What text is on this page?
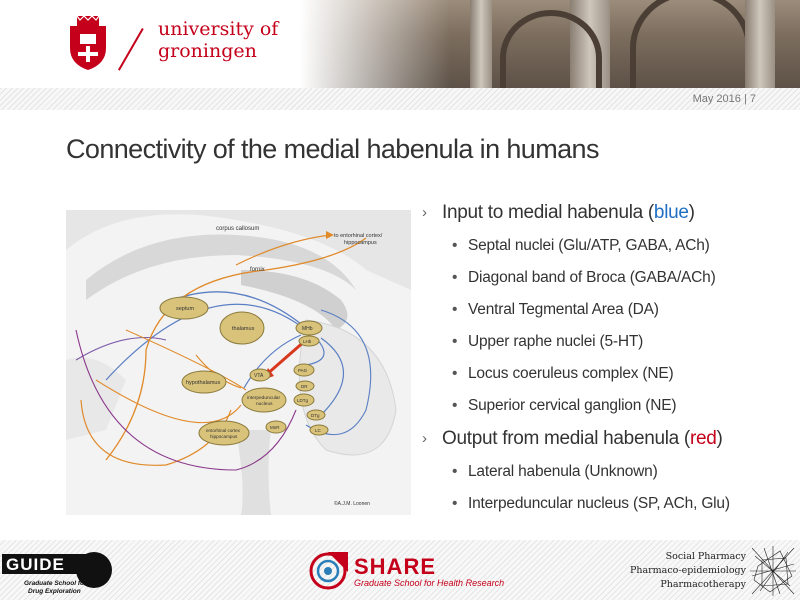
university of
groningen
May 2016 | 7
Connectivity of the medial habenula in humans
corpus callosum
fornix
to entorhinal cortex/
hippocampus
septum
thalamus
hypothalamus
MHb
LHb
VTA
interpeduncular
nucleus
PAG
DR
LDTg
DTg
LC
MnR
entorhinal cortex
hippocampus
©A.J.M. Loonen
› Input to medial habenula (blue)
• Septal nuclei (Glu/ATP, GABA, ACh)
• Diagonal band of Broca (GABA/ACh)
• Ventral Tegmental Area (DA)
• Upper raphe nuclei (5-HT)
• Locus coeruleus complex (NE)
• Superior cervical ganglion (NE)
› Output from medial habenula (red)
• Lateral habenula (Unknown)
• Interpeduncular nucleus (SP, ACh, Glu)
GUIDE
Graduate School for
Drug Exploration
SHARE
Graduate School for Health Research
Social Pharmacy
Pharmaco-epidemiology
Pharmacotherapy
